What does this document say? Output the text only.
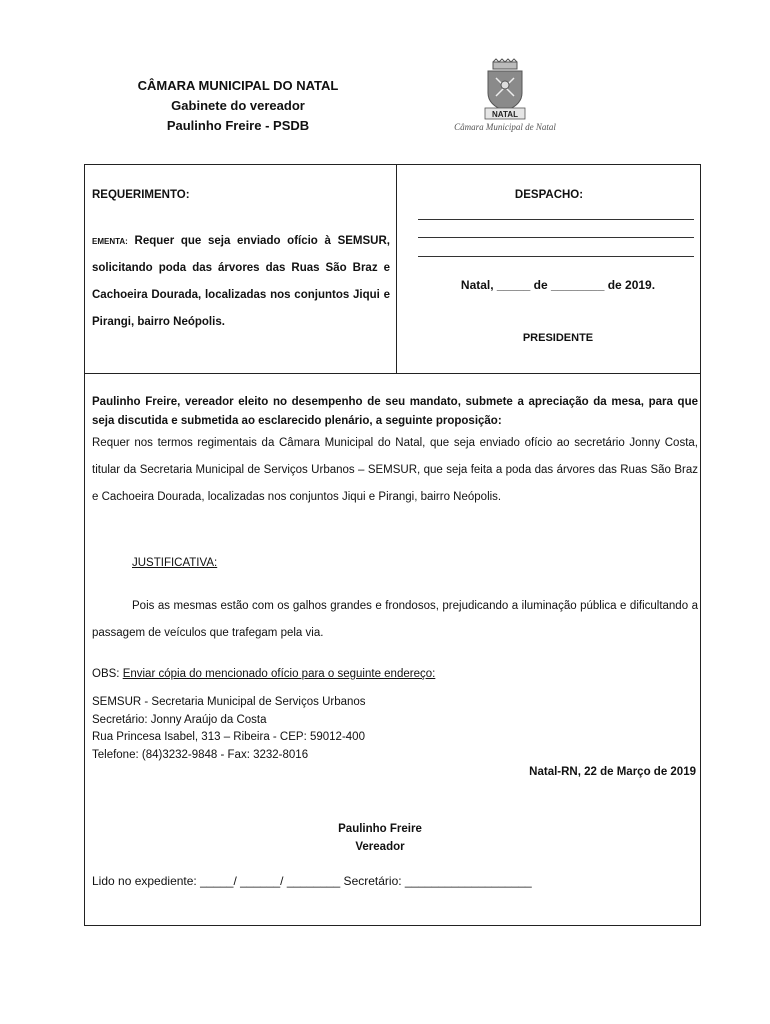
CÂMARA MUNICIPAL DO NATAL
Gabinete do vereador
Paulinho Freire - PSDB
NATAL
Câmara Municipal de Natal
REQUERIMENTO:
EMENTA: Requer que seja enviado ofício à SEMSUR, solicitando poda das árvores das Ruas São Braz e Cachoeira Dourada, localizadas nos conjuntos Jiqui e Pirangi, bairro Neópolis.
DESPACHO:
Natal, _____ de ________ de 2019.
PRESIDENTE
Paulinho Freire, vereador eleito no desempenho de seu mandato, submete a apreciação da mesa, para que seja discutida e submetida ao esclarecido plenário, a seguinte proposição:
Requer nos termos regimentais da Câmara Municipal do Natal, que seja enviado ofício ao secretário Jonny Costa, titular da Secretaria Municipal de Serviços Urbanos – SEMSUR, que seja feita a poda das árvores das Ruas São Braz e Cachoeira Dourada, localizadas nos conjuntos Jiqui e Pirangi, bairro Neópolis.
JUSTIFICATIVA:
Pois as mesmas estão com os galhos grandes e frondosos, prejudicando a iluminação pública e dificultando a passagem de veículos que trafegam pela via.
OBS: Enviar cópia do mencionado ofício para o seguinte endereço:
SEMSUR - Secretaria Municipal de Serviços Urbanos
Secretário: Jonny Araújo da Costa
Rua Princesa Isabel, 313 – Ribeira - CEP: 59012-400
Telefone: (84)3232-9848 - Fax: 3232-8016
Natal-RN, 22 de Março de 2019
Paulinho Freire
Vereador
Lido no expediente: _____/ ______/ ________ Secretário: ___________________
